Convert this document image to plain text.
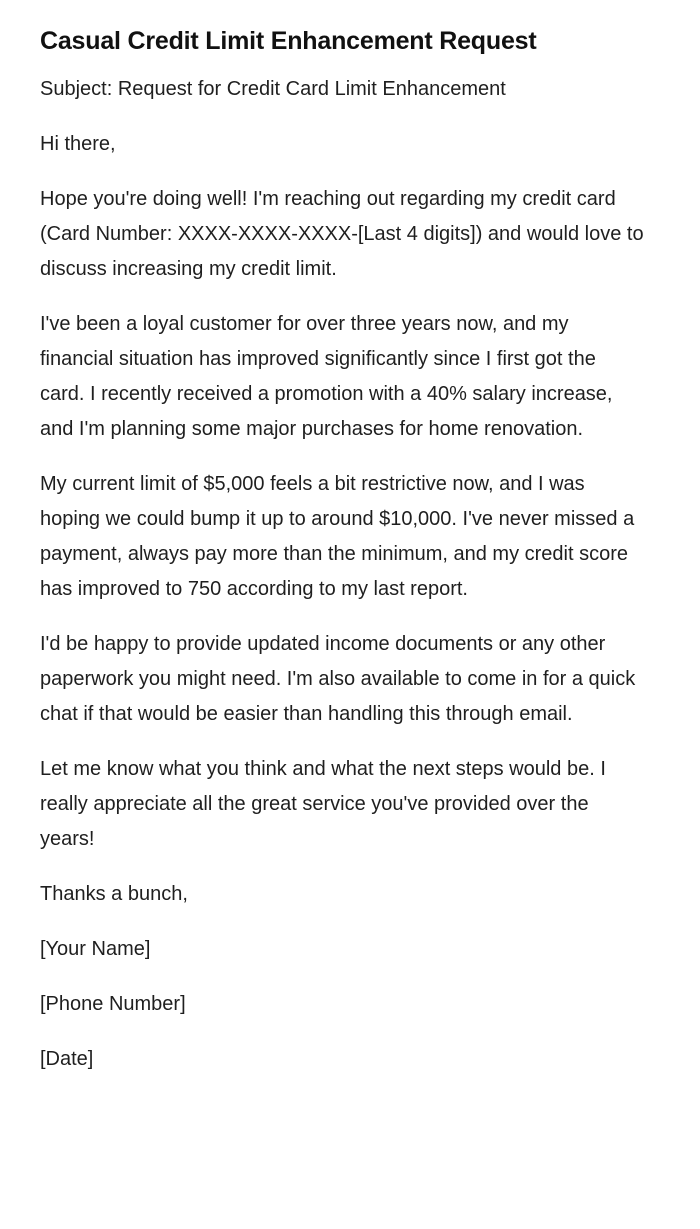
Casual Credit Limit Enhancement Request

Subject: Request for Credit Card Limit Enhancement

Hi there,

Hope you're doing well! I'm reaching out regarding my credit card (Card Number: XXXX-XXXX-XXXX-[Last 4 digits]) and would love to discuss increasing my credit limit.

I've been a loyal customer for over three years now, and my financial situation has improved significantly since I first got the card. I recently received a promotion with a 40% salary increase, and I'm planning some major purchases for home renovation.

My current limit of $5,000 feels a bit restrictive now, and I was hoping we could bump it up to around $10,000. I've never missed a payment, always pay more than the minimum, and my credit score has improved to 750 according to my last report.

I'd be happy to provide updated income documents or any other paperwork you might need. I'm also available to come in for a quick chat if that would be easier than handling this through email.

Let me know what you think and what the next steps would be. I really appreciate all the great service you've provided over the years!

Thanks a bunch,

[Your Name]

[Phone Number]

[Date]
